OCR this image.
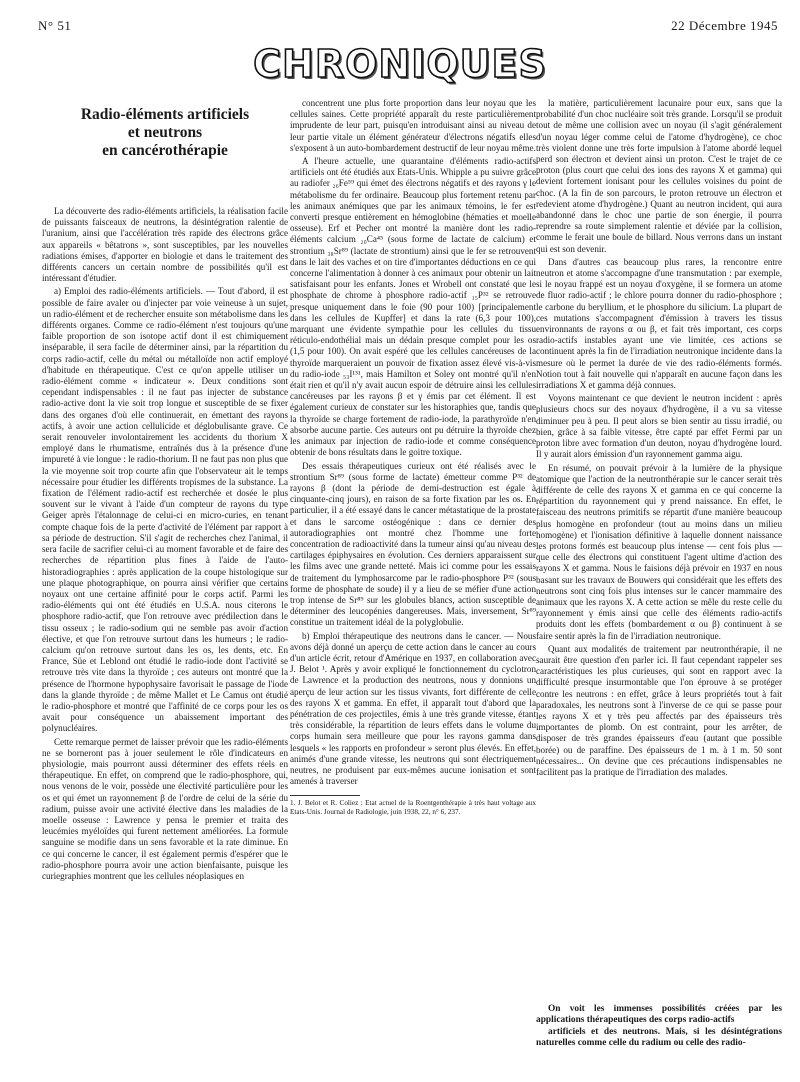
N° 51	22 Décembre 1945
CHRONIQUES
Radio-éléments artificiels
et neutrons
en cancérothérapie

La découverte des radio-éléments artificiels, la réalisation facile de puissants faisceaux de neutrons, la désintégration ralentie de l'uranium, ainsi que l'accélération très rapide des électrons grâce aux appareils « bêtatrons », sont susceptibles, par les nouvelles radiations émises, d'apporter en biologie et dans le traitement des différents cancers un certain nombre de possibilités qu'il est intéressant d'étudier.

a) Emploi des radio-éléments artificiels. — Tout d'abord, il est possible de faire avaler ou d'injecter par voie veineuse à un sujet, un radio-élément et de rechercher ensuite son métabolisme dans les différents organes. Comme ce radio-élément n'est toujours qu'une faible proportion de son isotope actif dont il est chimiquement inséparable, il sera facile de déterminer ainsi, par la répartition du corps radio-actif, celle du métal ou métalloïde non actif employé d'habitude en thérapeutique. C'est ce qu'on appelle utiliser un radio-élément comme « indicateur ». Deux conditions sont cependant indispensables : il ne faut pas injecter de substance radio-active dont la vie soit trop longue et susceptible de se fixer dans des organes d'où elle continuerait, en émettant des rayons actifs, à avoir une action cellulicide et déglobulisante grave. Ce serait renouveler involontairement les accidents du thorium X employé dans le rhumatisme, entraînés dus à la présence d'une impureté à vie longue : le radio-thorium. Il ne faut pas non plus que la vie moyenne soit trop courte afin que l'observateur ait le temps nécessaire pour étudier les différents tropismes de la substance. La fixation de l'élément radio-actif est recherchée et dosée le plus souvent sur le vivant à l'aide d'un compteur de rayons du type Geiger après l'étalonnage de celui-ci en micro-curies, en tenant compte chaque fois de la perte d'activité de l'élément par rapport à sa période de destruction. S'il s'agit de recherches chez l'animal, il sera facile de sacrifier celui-ci au moment favorable et de faire des recherches de répartition plus fines à l'aide de l'auto-historadiographies : après application de la coupe histologique sur une plaque photographique, on pourra ainsi vérifier que certains noyaux ont une certaine affinité pour le corps actif. Parmi les radio-éléments qui ont été étudiés en U.S.A. nous citerons le phosphore radio-actif, que l'on retrouve avec prédilection dans le tissu osseux ; le radio-sodium qui ne semble pas avoir d'action élective, et que l'on retrouve surtout dans les humeurs ; le radio-calcium qu'on retrouve surtout dans les os, les dents, etc. En France, Süe et Leblond ont étudié le radio-iode dont l'activité se retrouve très vite dans la thyroïde ; ces auteurs ont montré que la présence de l'hormone hypophysaire favorisait le passage de l'iode dans la glande thyroïde ; de même Mallet et Le Camus ont étudié le radio-phosphore et montré que l'affinité de ce corps pour les os avait pour conséquence un abaissement important des polynucléaires.

Cette remarque permet de laisser prévoir que les radio-éléments ne se borneront pas à jouer seulement le rôle d'indicateurs en physiologie, mais pourront aussi déterminer des effets réels en thérapeutique. En effet, on comprend que le radio-phosphore, qui, nous venons de le voir, possède une électivité particulière pour les os et qui émet un rayonnement β de l'ordre de celui de la série du radium, puisse avoir une activité élective dans les maladies de la moelle osseuse : Lawrence y pensa le premier et traita des leucémies myéloïdes qui furent nettement améliorées. La formule sanguine se modifie dans un sens favorable et la rate diminue. En ce qui concerne le cancer, il est également permis d'espérer que le radio-phosphore pourra avoir une action bienfaisante, puisque les curiegraphies montrent que les cellules néoplasiques en

concentrent une plus forte proportion dans leur noyau que les cellules saines. Cette propriété apparaît du reste particulièrement imprudente de leur part, puisqu'en introduisant ainsi au niveau de leur partie vitale un élément générateur d'électrons négatifs elles s'exposent à un auto-bombardement destructif de leur noyau même.

A l'heure actuelle, une quarantaine d'éléments radio-actifs artificiels ont été étudiés aux Etats-Unis. Whipple a pu suivre grâce au radiofer ₂₆Fe⁵⁹ qui émet des électrons négatifs et des rayons γ le métabolisme du fer ordinaire. Beaucoup plus fortement retenu par les animaux anémiques que par les animaux témoins, le fer est converti presque entièrement en hémoglobine (hématies et moelle osseuse). Erf et Pecher ont montré la manière dont les radio-éléments calcium ₂₀Ca⁴⁵ (sous forme de lactate de calcium) et strontium ₃₈Sr⁸⁹ (lactate de strontium) ainsi que le fer se retrouvent dans le lait des vaches et on tire d'importantes déductions en ce qui concerne l'alimentation à donner à ces animaux pour obtenir un lait satisfaisant pour les enfants. Jones et Wrobell ont constaté que le phosphate de chrome à phosphore radio-actif ₁₅P³² se retrouve presque uniquement dans le foie (90 pour 100) [principalement dans les cellules de Kupffer] et dans la rate (6,3 pour 100), marquant une évidente sympathie pour les cellules du tissu réticulo-endothélial mais un dédain presque complet pour les os (1,5 pour 100). On avait espéré que les cellules cancéreuses de la thyroïde marqueraient un pouvoir de fixation assez élevé vis-à-vis du radio-iode ₅₃I¹³¹, mais Hamilton et Soley ont montré qu'il n'en était rien et qu'il n'y avait aucun espoir de détruire ainsi les cellules cancéreuses par les rayons β et γ émis par cet élément. Il est également curieux de constater sur les historaphies que, tandis que la thyroïde se charge fortement de radio-iode, la parathyroïde n'en absorbe aucune partie. Ces auteurs ont pu détruire la thyroïde chez les animaux par injection de radio-iode et comme conséquence obtenir de bons résultats dans le goitre toxique.

Des essais thérapeutiques curieux ont été réalisés avec le strontium Sr⁸⁹ (sous forme de lactate) émetteur comme P³² de rayons β (dont la période de demi-destruction est égale à cinquante-cinq jours), en raison de sa forte fixation par les os. En particulier, il a été essayé dans le cancer métastatique de la prostate et dans le sarcome ostéogénique : dans ce dernier des autoradiographies ont montré chez l'homme une forte concentration de radioactivité dans la tumeur ainsi qu'au niveau des cartilages épiphysaires en évolution. Ces derniers apparaissent sur les films avec une grande netteté. Mais ici comme pour les essais de traitement du lymphosarcome par le radio-phosphore P³² (sous forme de phosphate de soude) il y a lieu de se méfier d'une action trop intense de Sr⁸⁹ sur les globules blancs, action susceptible de déterminer des leucopénies dangereuses. Mais, inversement, Sr⁸⁹ constitue un traitement idéal de la polyglobulie.

b) Emploi thérapeutique des neutrons dans le cancer. — Nous avons déjà donné un aperçu de cette action dans le cancer au cours d'un article écrit, retour d'Amérique en 1937, en collaboration avec J. Belot ¹. Après y avoir expliqué le fonctionnement du cyclotron de Lawrence et la production des neutrons, nous y donnions un aperçu de leur action sur les tissus vivants, fort différente de celle des rayons X et gamma. En effet, il apparaît tout d'abord que la pénétration de ces projectiles, émis à une très grande vitesse, étant très considérable, la répartition de leurs effets dans le volume du corps humain sera meilleure que pour les rayons gamma dans lesquels « les rapports en profondeur » seront plus élevés. En effet, animés d'une grande vitesse, les neutrons qui sont électriquement neutres, ne produisent par eux-mêmes aucune ionisation et sont amenés à traverser

1. J. Belot et R. Coliez : Etat actuel de la Roentgenthérapie à très haut voltage aux Etats-Unis. Journal de Radiologie, juin 1938, 22, n° 6, 237.

la matière, particulièrement lacunaire pour eux, sans que la probabilité d'un choc nucléaire soit très grande. Lorsqu'il se produit tout de même une collision avec un noyau (il s'agit généralement d'un noyau léger comme celui de l'atome d'hydrogène), ce choc très violent donne une très forte impulsion à l'atome abordé lequel perd son électron et devient ainsi un proton. C'est le trajet de ce proton (plus court que celui des ions des rayons X et gamma) qui devient fortement ionisant pour les cellules voisines du point de choc. (A la fin de son parcours, le proton retrouve un électron et redevient atome d'hydrogène.) Quant au neutron incident, qui aura abandonné dans le choc une partie de son énergie, il pourra reprendre sa route simplement ralentie et déviée par la collision, comme le ferait une boule de billard. Nous verrons dans un instant qui est son devenir.

Dans d'autres cas beaucoup plus rares, la rencontre entre neutron et atome s'accompagne d'une transmutation : par exemple, si le noyau frappé est un noyau d'oxygène, il se formera un atome de fluor radio-actif ; le chlore pourra donner du radio-phosphore ; le carbone du beryllium, et le phosphore du silicium. La plupart de ces mutations s'accompagnent d'émission à travers les tissus environnants de rayons α ou β, et fait très important, ces corps radio-actifs instables ayant une vie limitée, ces actions se continuent après la fin de l'irradiation neutronique incidente dans la mesure où le permet la durée de vie des radio-éléments formés. Notion tout à fait nouvelle qui n'apparaît en aucune façon dans les irradiations X et gamma déjà connues.

Voyons maintenant ce que devient le neutron incident : après plusieurs chocs sur des noyaux d'hydrogène, il a vu sa vitesse diminuer peu à peu. Il peut alors se bien sentir au tissu irradié, ou bien, grâce à sa faible vitesse, être capté par effet Fermi par un proton libre avec formation d'un deuton, noyau d'hydrogène lourd. Il y aurait alors émission d'un rayonnement gamma aigu.

En résumé, on pouvait prévoir à la lumière de la physique atomique que l'action de la neutronthérapie sur le cancer serait très différente de celle des rayons X et gamma en ce qui concerne la répartition du rayonnement qui y prend naissance. En effet, le faisceau des neutrons primitifs se répartit d'une manière beaucoup plus homogène en profondeur (tout au moins dans un milieu homogène) et l'ionisation définitive à laquelle donnent naissance les protons formés est beaucoup plus intense — cent fois plus — que celle des électrons qui constituent l'agent ultime d'action des rayons X et gamma. Nous le faisions déjà prévoir en 1937 en nous basant sur les travaux de Bouwers qui considérait que les effets des neutrons sont cinq fois plus intenses sur le cancer mammaire des animaux que les rayons X. A cette action se mêle du reste celle du rayonnement γ émis ainsi que celle des éléments radio-actifs produits dont les effets (bombardement α ou β) continuent à se faire sentir après la fin de l'irradiation neutronique.

Quant aux modalités de traitement par neutronthérapie, il ne saurait être question d'en parler ici. Il faut cependant rappeler ses caractéristiques les plus curieuses, qui sont en rapport avec la difficulté presque insurmontable que l'on éprouve à se protéger contre les neutrons : en effet, grâce à leurs propriétés tout à fait paradoxales, les neutrons sont à l'inverse de ce qui se passe pour les rayons X et γ très peu affectés par des épaisseurs très importantes de plomb. On est contraint, pour les arrêter, de disposer de très grandes épaisseurs d'eau (autant que possible borée) ou de paraffine. Des épaisseurs de 1 m. à 1 m. 50 sont nécessaires... On devine que ces précautions indispensables ne facilitent pas la pratique de l'irradiation des malades.

On voit les immenses possibilités créées par les applications thérapeutiques des corps radio-actifs
artificiels et des neutrons. Mais, si les désintégrations naturelles comme celle du radium ou celle des radio-
